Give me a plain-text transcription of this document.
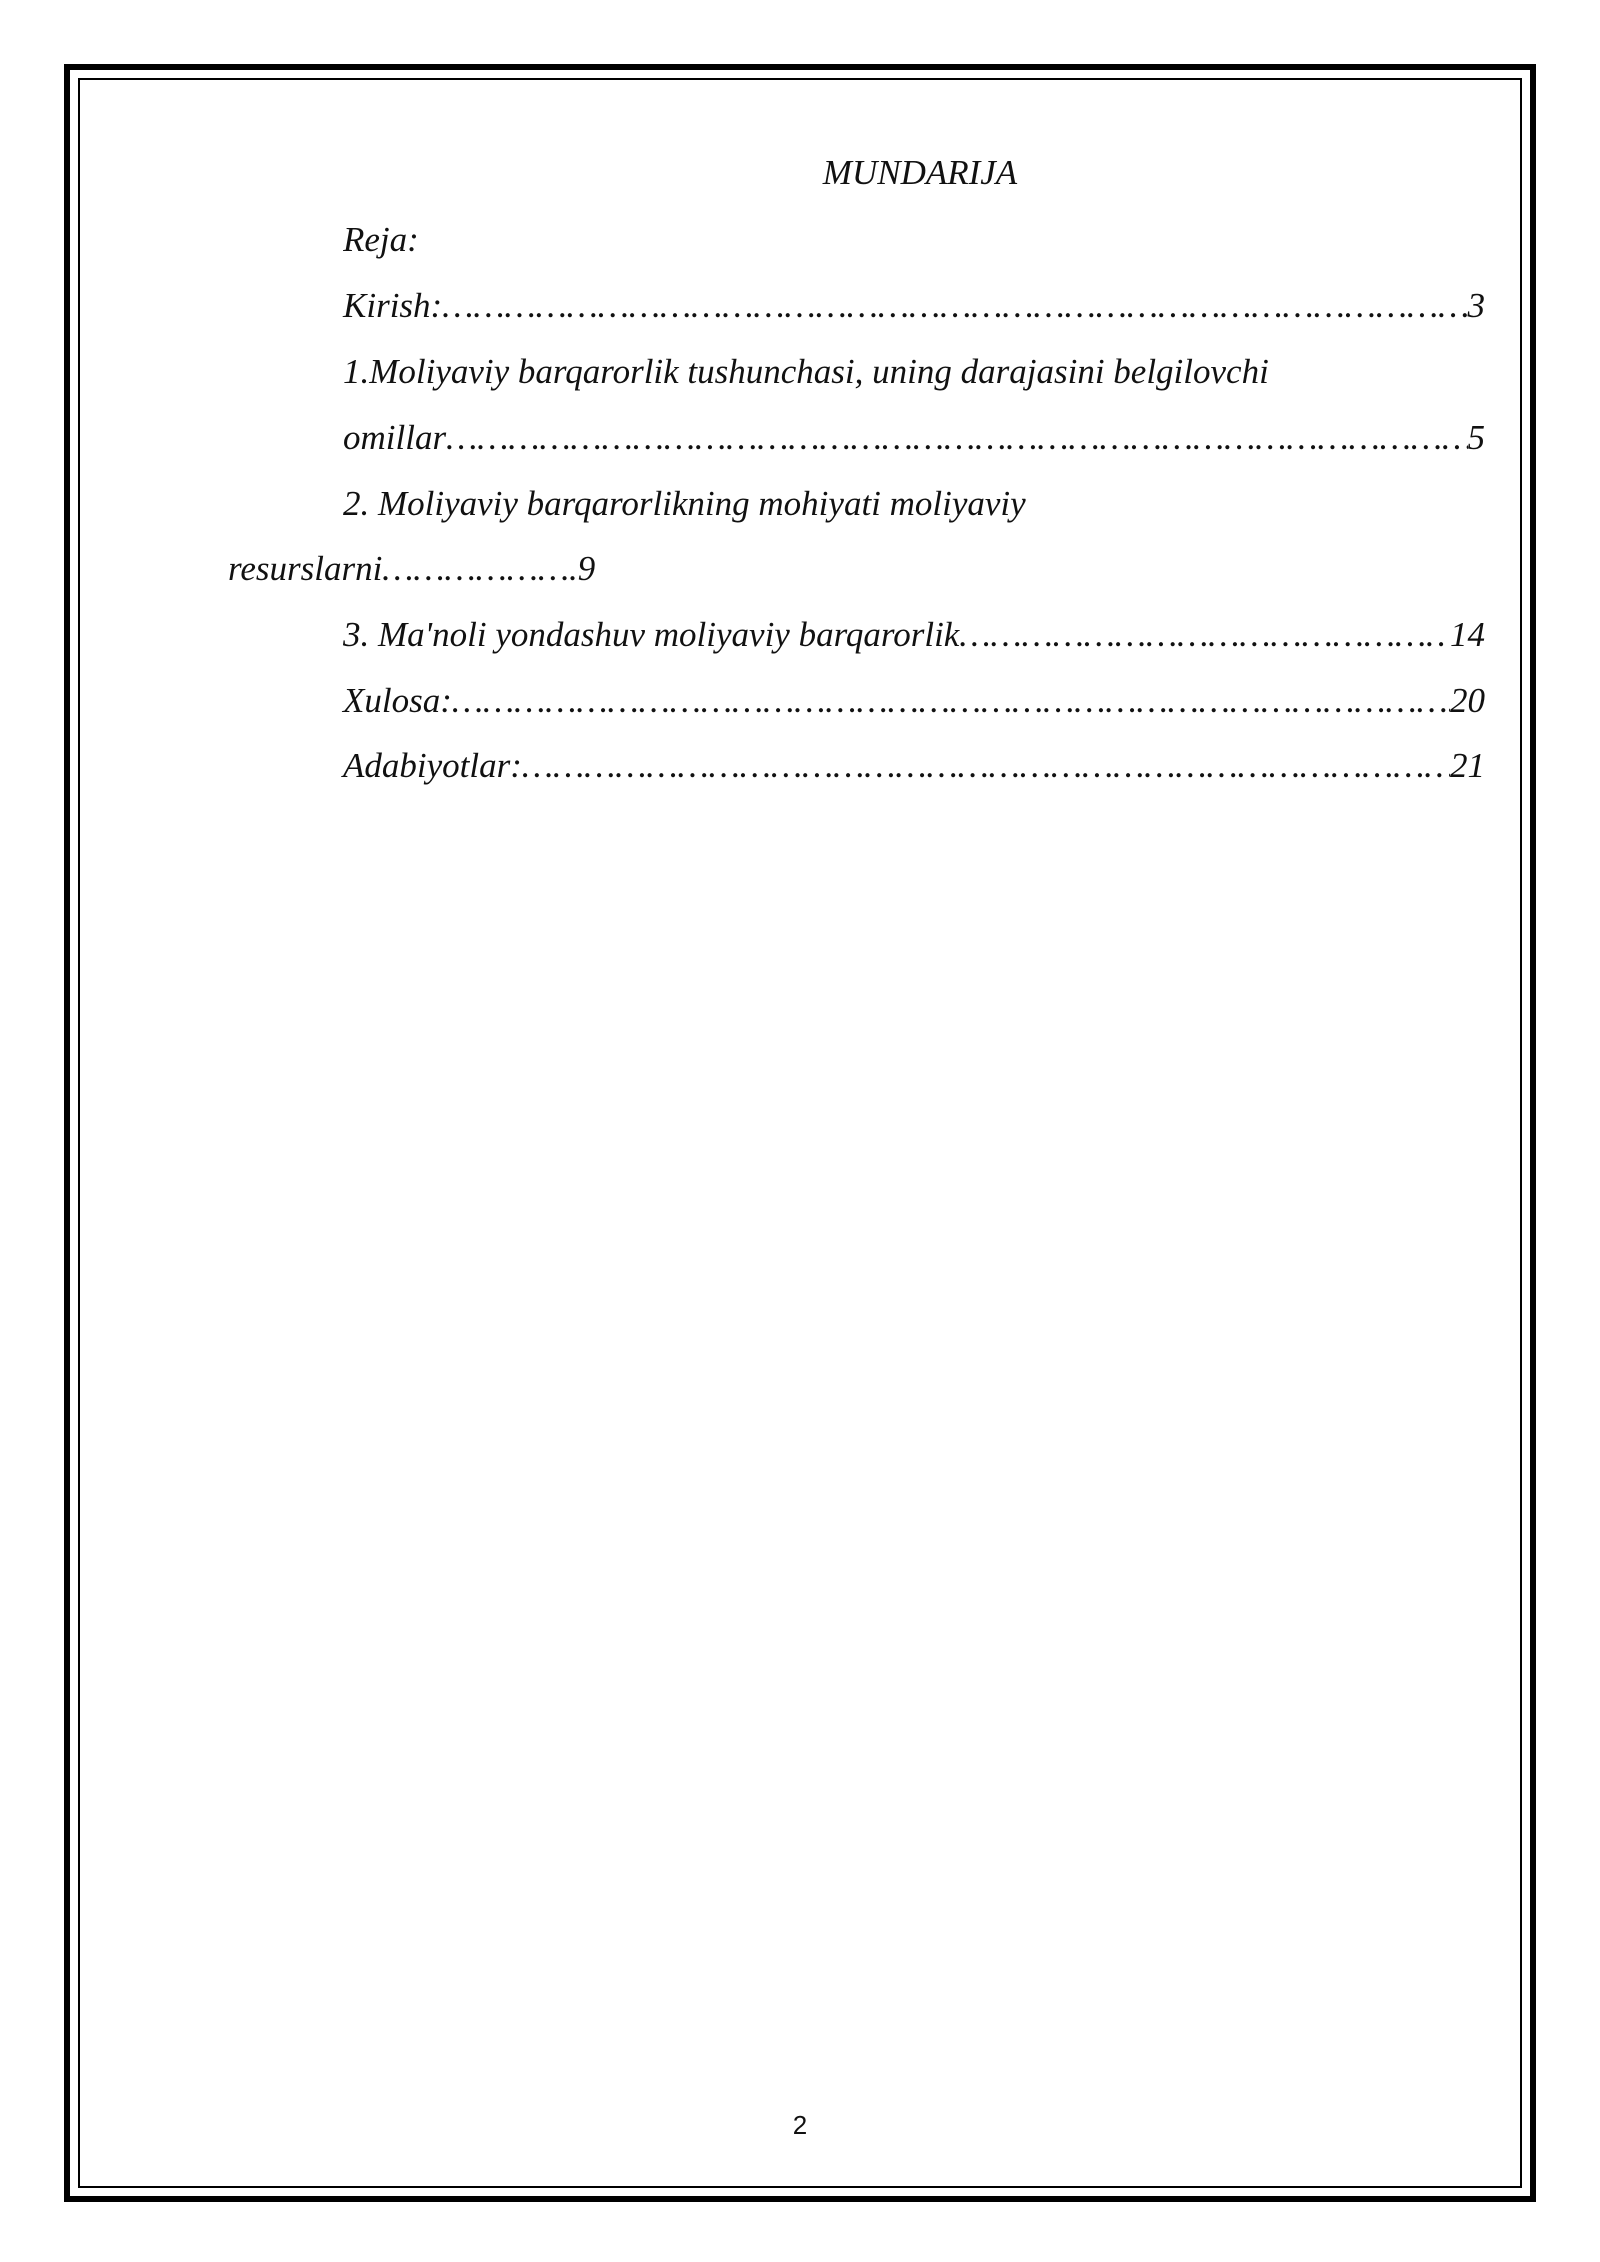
MUNDARIJA
Reja:
Kirish: ………………………………………………………………………………………………………………………………………………………………………………………	3
1.Moliyaviy barqarorlik tushunchasi, uning darajasini belgilovchi
omillar ………………………………………………………………………………………………………………………………………………………………………………………	5
2. Moliyaviy barqarorlikning mohiyati moliyaviy
resurslarni……………….9
3. Ma'noli yondashuv moliyaviy barqarorlik ………………………………………………………………………………………………………………………………………………………………………………………	14
Xulosa: ………………………………………………………………………………………………………………………………………………………………………………………	20
Adabiyotlar: ………………………………………………………………………………………………………………………………………………………………………………………	21
2
